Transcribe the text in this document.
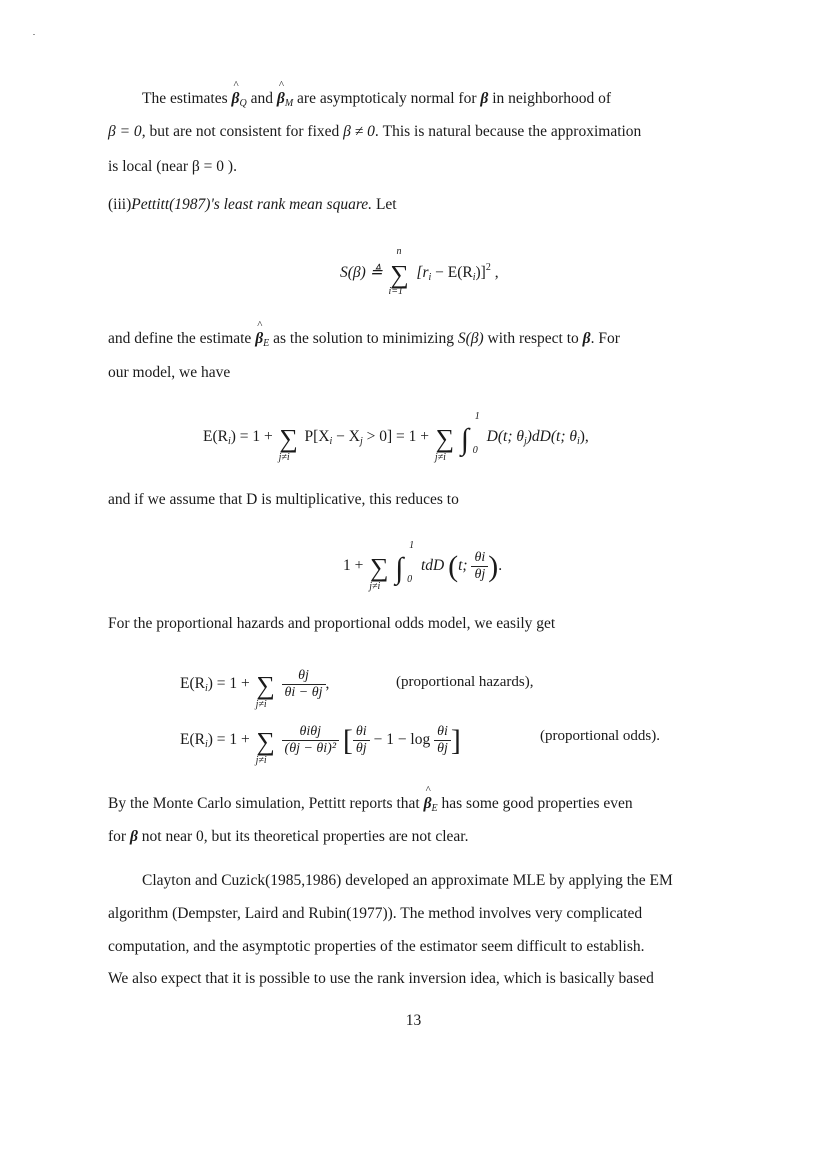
The estimates ^ $\beta_Q$ and ^ $\beta_M$ are asymptoticaly normal for β in neighborhood of
β = 0, but are not consistent for fixed β ≠ 0. This is natural because the approximation
is local (near β = 0 ).
(iii)Pettitt(1987)'s least rank mean square. Let
S(β) ≜
n
∑
i=1
$[r_i - E(R_i)]^2$ ,
and define the estimate ^ $\beta_E$ as the solution to minimizing S(β) with respect to β. For
our model, we have
$E(R_i) = 1$ + ∑
j≠i
$P[X_i - X_j > 0] = 1$ + ∑
j≠i

1
∫ 0
D(t; $\theta_j)dD(t$; $\theta_i$),
and if we assume that D is multiplicative, this reduces to
1 + ∑
j≠i

1
∫ 0
tdD (t; $\frac{\theta i}{\theta j}$ ).
For the proportional hazards and proportional odds model, we easily get
$E(R_i) = 1$ + ∑
j≠i

$\frac{\theta j}{\theta i - \theta j}$ ,	(proportional hazards),
$E(R_i) = 1$ + ∑
j≠i

$\frac{\text{θiθj}}{\text{(θj − θi)²}}$ [ $\frac{\theta i}{\theta j} - 1 - \log \frac{\theta i}{\theta j}$ ]	(proportional odds).
By the Monte Carlo simulation, Pettitt reports that ^ $\beta_E$ has some good properties even
for β not near 0, but its theoretical properties are not clear.
Clayton and Cuzick(1985,1986) developed an approximate MLE by applying the EM
algorithm (Dempster, Laird and Rubin(1977)). The method involves very complicated
computation, and the asymptotic properties of the estimator seem difficult to establish.
We also expect that it is possible to use the rank inversion idea, which is basically based
13
